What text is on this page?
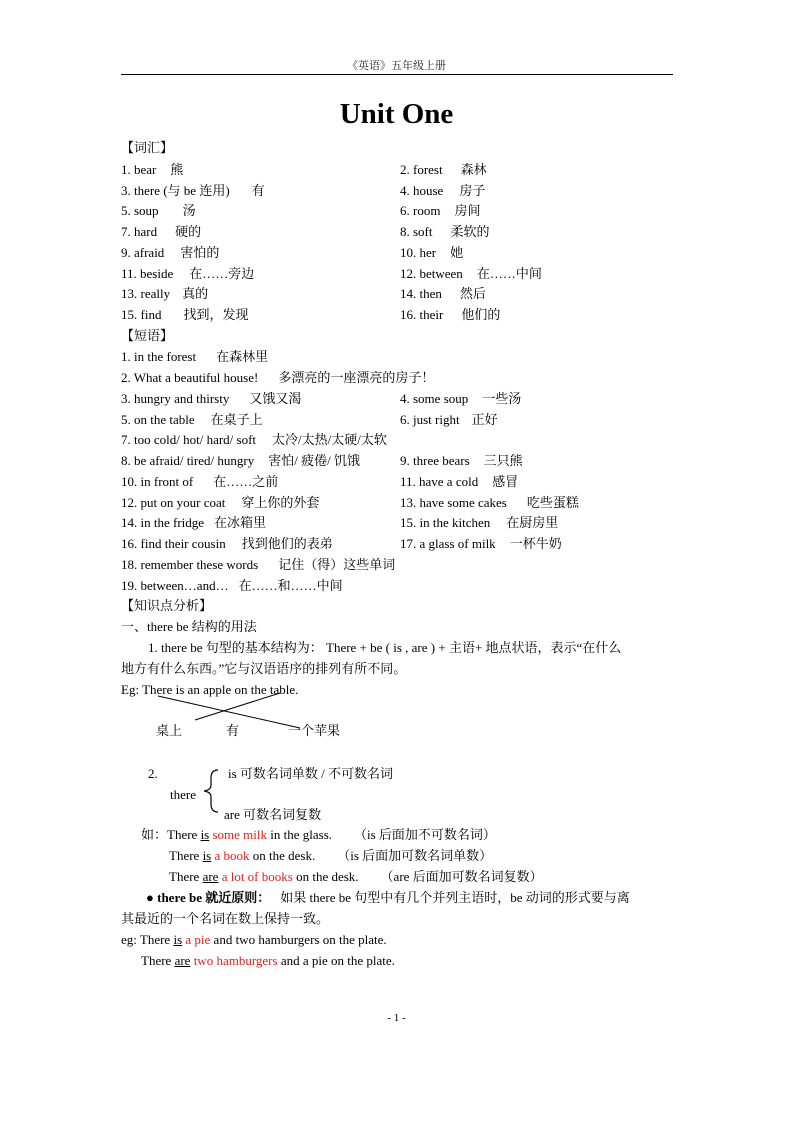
《英语》五年级上册
Unit One
【词汇】
1. bear 熊	2. forest 森林
3. there (与 be 连用) 有	4. house 房子
5. soup 汤	6. room 房间
7. hard 硬的	8. soft 柔软的
9. afraid 害怕的	10. her 她
11. beside 在……旁边	12. between 在……中间
13. really 真的	14. then 然后
15. find 找到，发现	16. their 他们的
【短语】
1. in the forest 在森林里
2. What a beautiful house! 多漂亮的一座漂亮的房子！
3. hungry and thirsty 又饿又渴	4. some soup 一些汤
5. on the table 在桌子上	6. just right 正好
7. too cold/ hot/ hard/ soft 太冷/太热/太硬/太软
8. be afraid/ tired/ hungry 害怕/ 疲倦/ 饥饿	9. three bears 三只熊
10. in front of 在……之前	11. have a cold 感冒
12. put on your coat 穿上你的外套	13. have some cakes 吃些蛋糕
14. in the fridge 在冰箱里	15. in the kitchen 在厨房里
16. find their cousin 找到他们的表弟	17. a glass of milk 一杯牛奶
18. remember these words 记住（得）这些单词
19. between…and… 在……和……中间
【知识点分析】
一、there be 结构的用法
1. there be 句型的基本结构为： There + be ( is , are ) + 主语+ 地点状语，表示“在什么
地方有什么东西。”它与汉语语序的排列有所不同。
Eg: There is an apple on the table.
桌上	有	一个苹果
2.	is 可数名词单数 / 不可数名词
there
are 可数名词复数
如：There is some milk in the glass. （is 后面加不可数名词）
There is a book on the desk. （is 后面加可数名词单数）
There are a lot of books on the desk. （are 后面加可数名词复数）
● there be 就近原则： 如果 there be 句型中有几个并列主语时，be 动词的形式要与离
其最近的一个名词在数上保持一致。
eg: There is a pie and two hamburgers on the plate.
There are two hamburgers and a pie on the plate.
- 1 -
